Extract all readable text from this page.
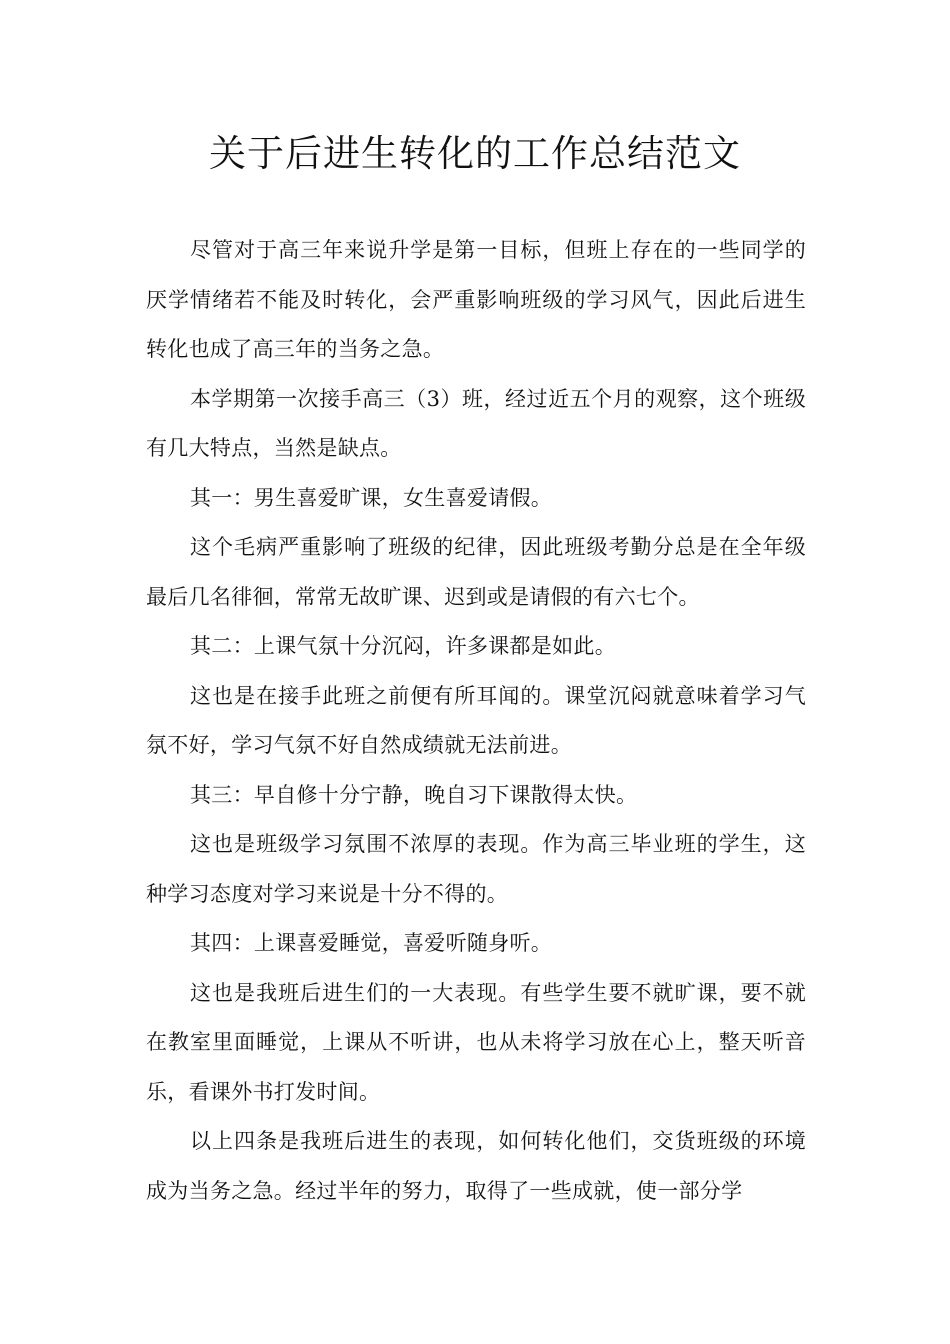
关于后进生转化的工作总结范文

尽管对于高三年来说升学是第一目标，但班上存在的一些同学的厌学情绪若不能及时转化，会严重影响班级的学习风气，因此后进生转化也成了高三年的当务之急。

本学期第一次接手高三（3）班，经过近五个月的观察，这个班级有几大特点，当然是缺点。

其一：男生喜爱旷课，女生喜爱请假。

这个毛病严重影响了班级的纪律，因此班级考勤分总是在全年级最后几名徘徊，常常无故旷课、迟到或是请假的有六七个。

其二：上课气氛十分沉闷，许多课都是如此。

这也是在接手此班之前便有所耳闻的。课堂沉闷就意味着学习气氛不好，学习气氛不好自然成绩就无法前进。

其三：早自修十分宁静，晚自习下课散得太快。

这也是班级学习氛围不浓厚的表现。作为高三毕业班的学生，这种学习态度对学习来说是十分不得的。

其四：上课喜爱睡觉，喜爱听随身听。

这也是我班后进生们的一大表现。有些学生要不就旷课，要不就在教室里面睡觉，上课从不听讲，也从未将学习放在心上，整天听音乐，看课外书打发时间。

以上四条是我班后进生的表现，如何转化他们，交货班级的环境成为当务之急。经过半年的努力，取得了一些成就，使一部分学
